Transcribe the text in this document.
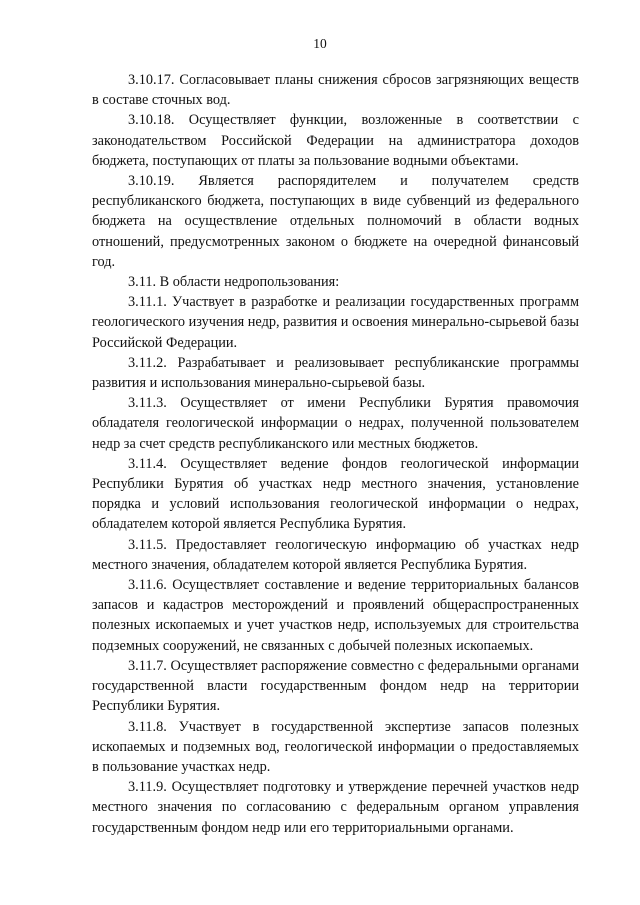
10

3.10.17. Согласовывает планы снижения сбросов загрязняющих веществ в составе сточных вод.

3.10.18. Осуществляет функции, возложенные в соответствии с законодательством Российской Федерации на администратора доходов бюджета, поступающих от платы за пользование водными объектами.

3.10.19. Является распорядителем и получателем средств республиканского бюджета, поступающих в виде субвенций из федерального бюджета на осуществление отдельных полномочий в области водных отношений, предусмотренных законом о бюджете на очередной финансовый год.

3.11. В области недропользования:

3.11.1. Участвует в разработке и реализации государственных программ геологического изучения недр, развития и освоения минерально-сырьевой базы Российской Федерации.

3.11.2. Разрабатывает и реализовывает республиканские программы развития и использования минерально-сырьевой базы.

3.11.3. Осуществляет от имени Республики Бурятия правомочия обладателя геологической информации о недрах, полученной пользователем недр за счет средств республиканского или местных бюджетов.

3.11.4. Осуществляет ведение фондов геологической информации Республики Бурятия об участках недр местного значения, установление порядка и условий использования геологической информации о недрах, обладателем которой является Республика Бурятия.

3.11.5. Предоставляет геологическую информацию об участках недр местного значения, обладателем которой является Республика Бурятия.

3.11.6. Осуществляет составление и ведение территориальных балансов запасов и кадастров месторождений и проявлений общераспространенных полезных ископаемых и учет участков недр, используемых для строительства подземных сооружений, не связанных с добычей полезных ископаемых.

3.11.7. Осуществляет распоряжение совместно с федеральными органами государственной власти государственным фондом недр на территории Республики Бурятия.

3.11.8. Участвует в государственной экспертизе запасов полезных ископаемых и подземных вод, геологической информации о предоставляемых в пользование участках недр.

3.11.9. Осуществляет подготовку и утверждение перечней участков недр местного значения по согласованию с федеральным органом управления государственным фондом недр или его территориальными органами.
